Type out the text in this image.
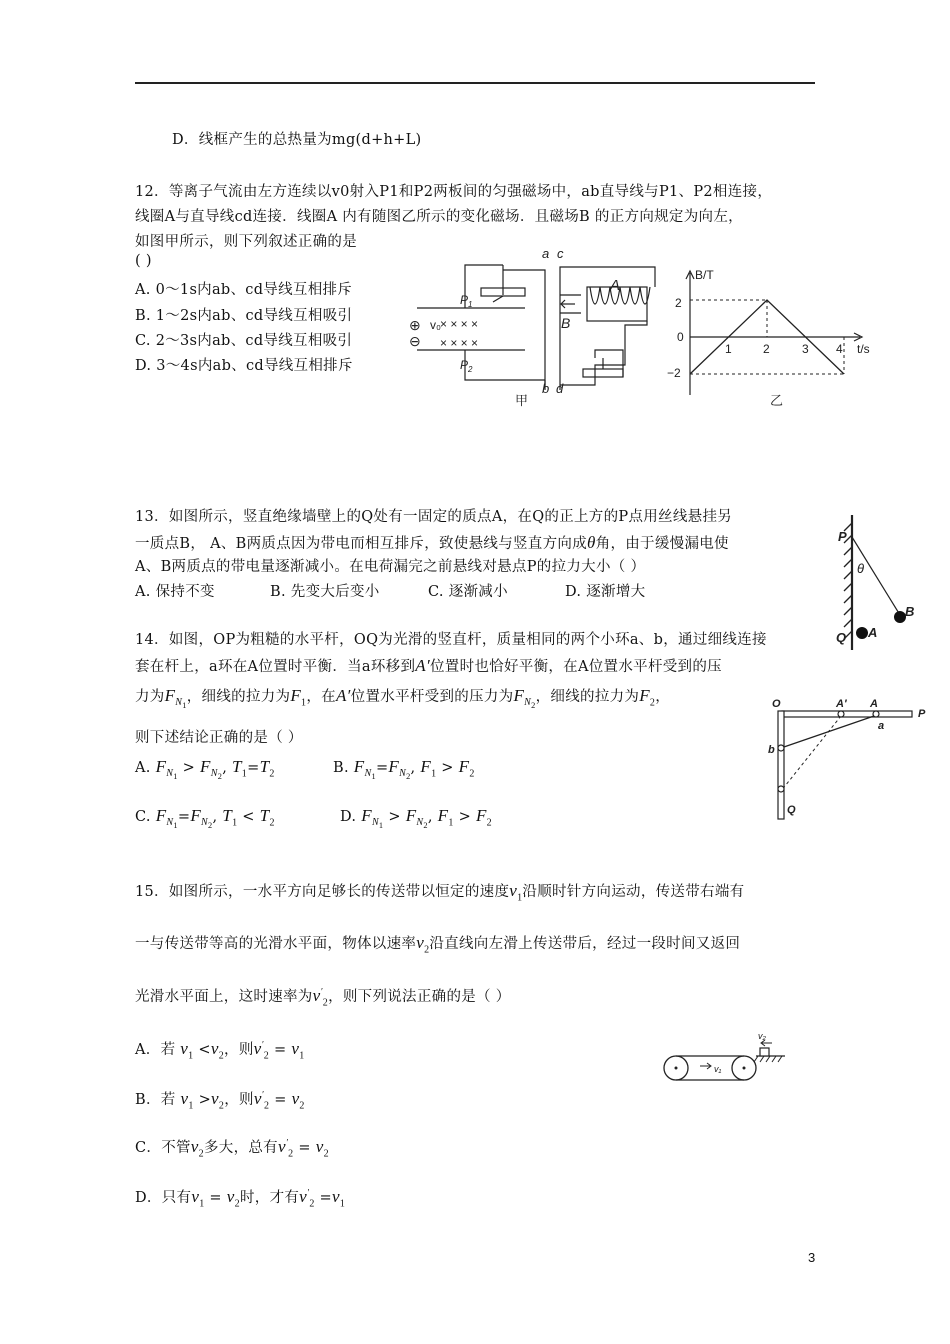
D．线框产生的总热量为mg(d+h+L)
12．等离子气流由左方连续以v0射入P1和P2两板间的匀强磁场中，ab直导线与P1、P2相连接，
线圈A与直导线cd连接．线圈A 内有随图乙所示的变化磁场．且磁场B 的正方向规定为向左，
如图甲所示，则下列叙述正确的是
( )
A. 0～1s内ab、cd导线互相排斥
B. 1～2s内ab、cd导线互相吸引
C. 2～3s内ab、cd导线互相吸引
D. 3～4s内ab、cd导线互相排斥
× × × ×
× × × ×
⊕
⊖
v₀
a c
b d
$P_1$
$P_2$
A
B
甲
B/T
t/s
2
0
−2
1	2	3 4
乙
13．如图所示，竖直绝缘墙壁上的Q处有一固定的质点A，在Q的正上方的P点用丝线悬挂另
一质点B， A、B两质点因为带电而相互排斥，致使悬线与竖直方向成θ角，由于缓慢漏电使
A、B两质点的带电量逐渐减小。在电荷漏完之前悬线对悬点P的拉力大小（ ）
A. 保持不变	B. 先变大后变小	C. 逐渐减小	D. 逐渐增大
P
θ
B
Q A
14．如图，OP为粗糙的水平杆，OQ为光滑的竖直杆，质量相同的两个小环a、b，通过细线连接
套在杆上，a环在A位置时平衡．当a环移到A′位置时也恰好平衡，在A位置水平杆受到的压
力为$F_{N_1}$，细线的拉力为$F_1$，在A′位置水平杆受到的压力为$F_{N_2}$，细线的拉力为$F_2$，
则下述结论正确的是（ ）
A. $F_{N_1} > F_{N_2}$, $T_1=T_2$	B. $F_{N_1}=F_{N_2}$, $F_1 > F_2$
C. $F_{N_1}=F_{N_2}$, $T_1 < T_2$	D. $F_{N_1} > F_{N_2}$, $F_1 > F_2$
O	A′ A
P
a
b
Q
15．如图所示，一水平方向足够长的传送带以恒定的速度$v_1$沿顺时针方向运动，传送带右端有
一与传送带等高的光滑水平面，物体以速率$v_2$沿直线向左滑上传送带后，经过一段时间又返回
光滑水平面上，这时速率为$v'_2$，则下列说法正确的是（ ）
A．若 $v_1 <v_2$，则$v'_2 = v_1$
B．若 $v_1 >v_2$，则$v'_2 = v_2$
C．不管$v_2$多大，总有$v'_2 = v_2$
D．只有$v_1 = v_2$时，才有$v'_2 =v_1$
v₂
v₁
3
